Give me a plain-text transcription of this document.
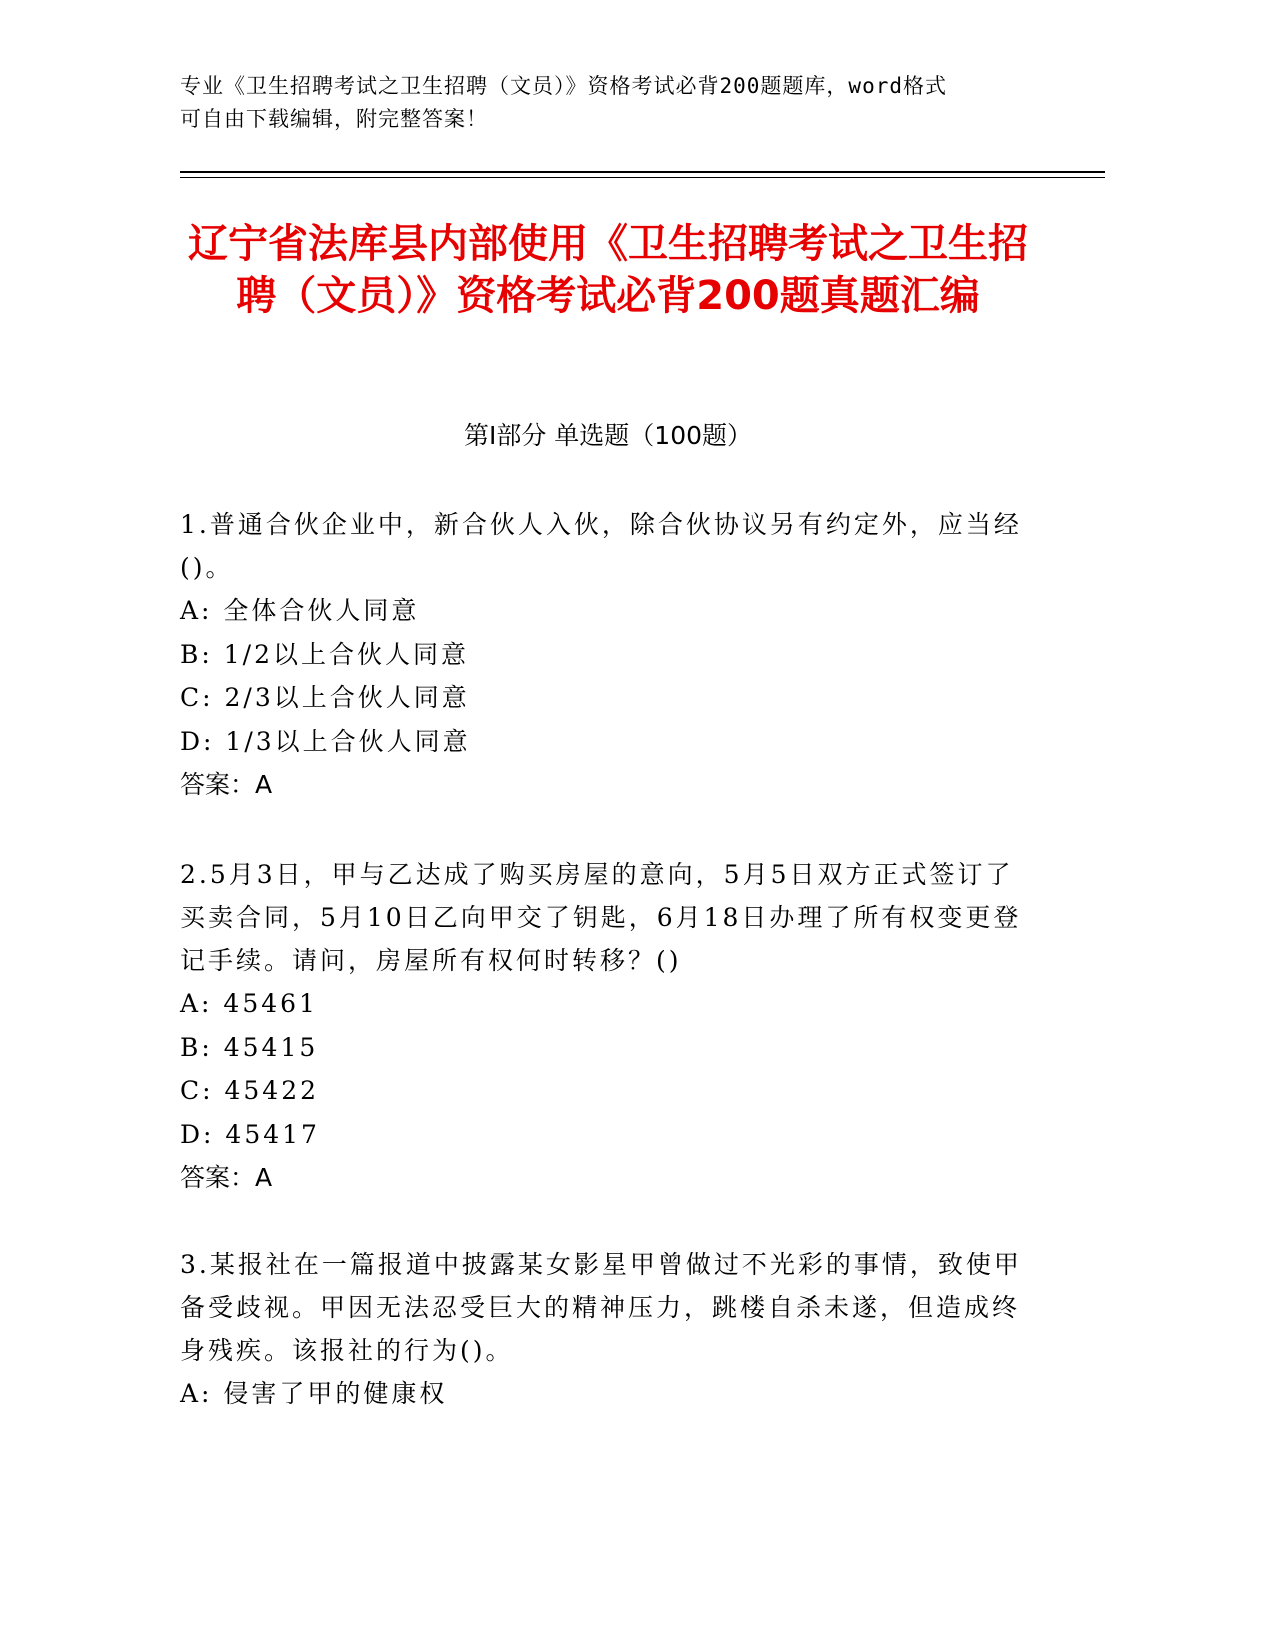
专业《卫生招聘考试之卫生招聘（文员）》资格考试必背200题题库，word格式
可自由下载编辑，附完整答案！
辽宁省法库县内部使用《卫生招聘考试之卫生招聘（文员）》资格考试必背200题真题汇编
第I部分 单选题（100题）

1.普通合伙企业中，新合伙人入伙，除合伙协议另有约定外，应当经()。

A: 全体合伙人同意

B: 1/2以上合伙人同意

C: 2/3以上合伙人同意

D: 1/3以上合伙人同意

答案：A

2.5月3日，甲与乙达成了购买房屋的意向，5月5日双方正式签订了买卖合同，5月10日乙向甲交了钥匙，6月18日办理了所有权变更登记手续。请问，房屋所有权何时转移？()

A: 45461

B: 45415

C: 45422

D: 45417

答案：A

3.某报社在一篇报道中披露某女影星甲曾做过不光彩的事情，致使甲备受歧视。甲因无法忍受巨大的精神压力，跳楼自杀未遂，但造成终身残疾。该报社的行为()。

A: 侵害了甲的健康权
